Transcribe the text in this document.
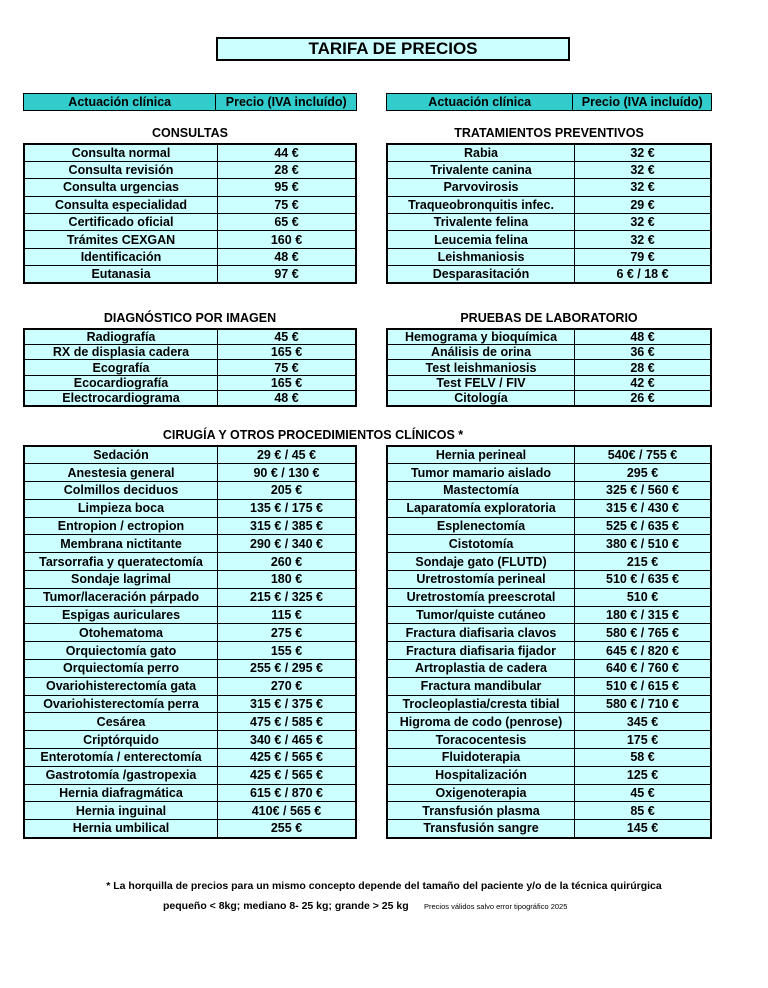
TARIFA DE PRECIOS
Actuación clínica	Precio (IVA incluído)	Actuación clínica	Precio (IVA incluído)
CONSULTAS	TRATAMIENTOS PREVENTIVOS
DIAGNÓSTICO POR IMAGEN	PRUEBAS DE LABORATORIO
CIRUGÍA Y OTROS PROCEDIMIENTOS CLÍNICOS *
Consulta normal	44 €
Consulta revisión	28 €
Consulta urgencias	95 €
Consulta especialidad	75 €
Certificado oficial	65 €
Trámites CEXGAN	160 €
Identificación	48 €
Eutanasia	97 €
Rabia	32 €
Trivalente canina	32 €
Parvovirosis	32 €
Traqueobronquitis infec.	29 €
Trivalente felina	32 €
Leucemia felina	32 €
Leishmaniosis	79 €
Desparasitación	6 € / 18 €
Radiografía	45 €
RX de displasia cadera	165 €
Ecografía	75 €
Ecocardiografía	165 €
Electrocardiograma	48 €
Hemograma y bioquímica	48 €
Análisis de orina	36 €
Test leishmaniosis	28 €
Test FELV / FIV	42 €
Citología	26 €
Sedación	29 € / 45 €
Anestesia general	90 € / 130 €
Colmillos deciduos	205 €
Limpieza boca	135 € / 175 €
Entropion / ectropion	315 € / 385 €
Membrana nictitante	290 € / 340 €
Tarsorrafia y queratectomía	260 €
Sondaje lagrimal	180 €
Tumor/laceración párpado	215 € / 325 €
Espigas auriculares	115 €
Otohematoma	275 €
Orquiectomía gato	155 €
Orquiectomía perro	255 € / 295 €
Ovariohisterectomía gata	270 €
Ovariohisterectomía perra	315 € / 375 €
Cesárea	475 € / 585 €
Criptórquido	340 € / 465 €
Enterotomía / enterectomía	425 € / 565 €
Gastrotomía /gastropexia	425 € / 565 €
Hernia diafragmática	615 € / 870 €
Hernia inguinal	410€ / 565 €
Hernia umbilical	255 €
Hernia perineal	540€ / 755 €
Tumor mamario aislado	295 €
Mastectomía	325 € / 560 €
Laparatomía exploratoria	315 € / 430 €
Esplenectomía	525 € / 635 €
Cistotomía	380 € / 510 €
Sondaje gato (FLUTD)	215 €
Uretrostomía perineal	510 € / 635 €
Uretrostomía preescrotal	510 €
Tumor/quiste cutáneo	180 € / 315 €
Fractura diafisaria clavos	580 € / 765 €
Fractura diafisaria fijador	645 € / 820 €
Artroplastia de cadera	640 € / 760 €
Fractura mandibular	510 € / 615 €
Trocleoplastia/cresta tibial	580 € / 710 €
Higroma de codo (penrose)	345 €
Toracocentesis	175 €
Fluidoterapia	58 €
Hospitalización	125 €
Oxigenoterapia	45 €
Transfusión plasma	85 €
Transfusión sangre	145 €
* La horquilla de precios para un mismo concepto depende del tamaño del paciente y/o de la técnica quirúrgica
pequeño < 8kg; mediano 8- 25 kg; grande > 25 kg Precios válidos salvo error tipográfico 2025
